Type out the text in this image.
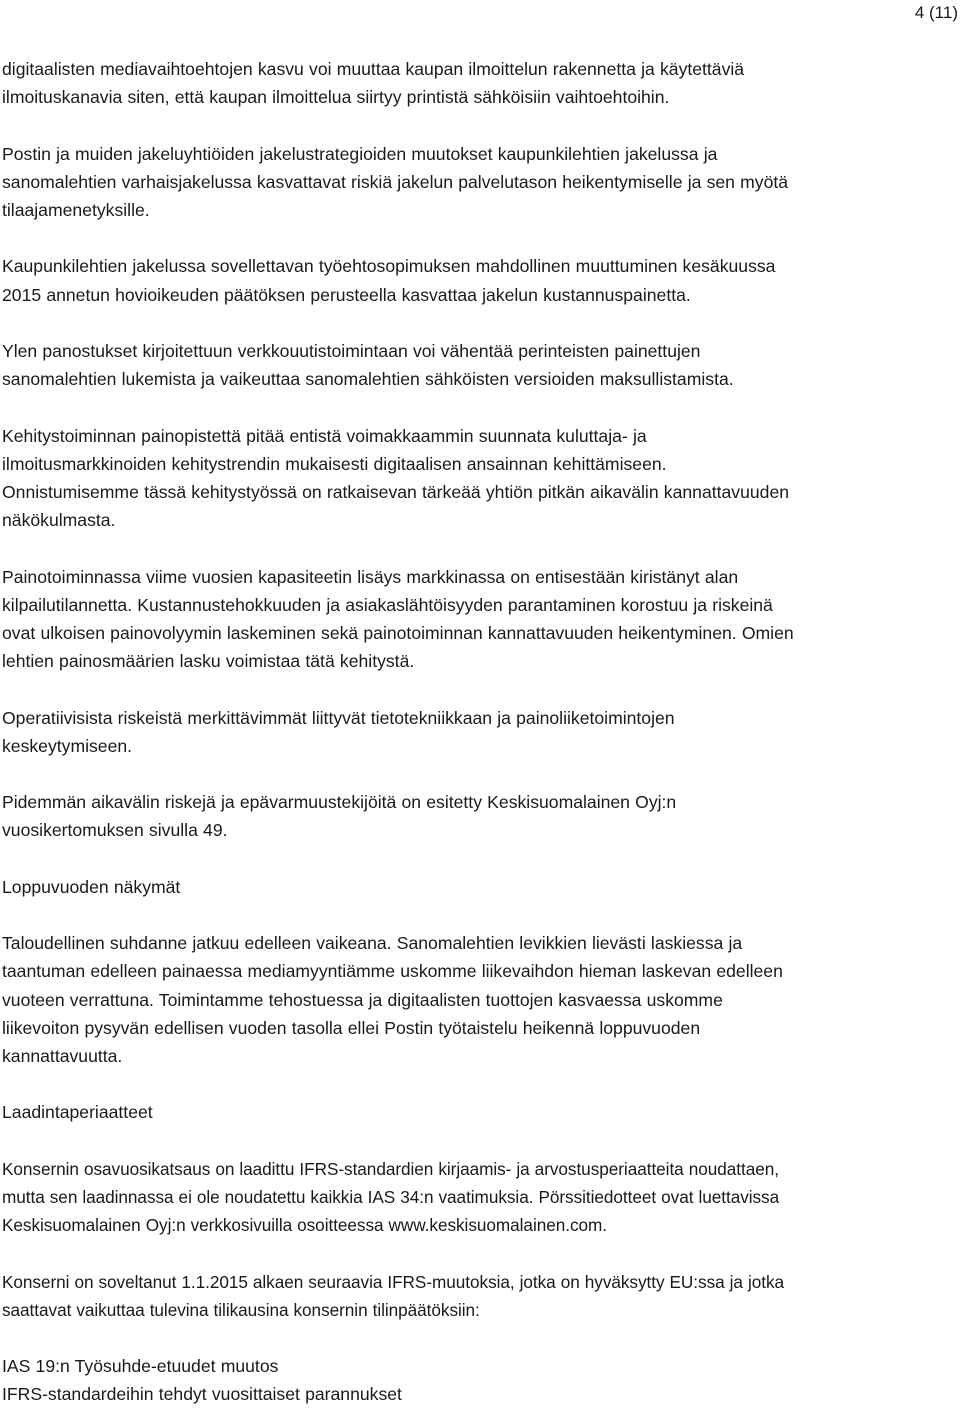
4 (11)

digitaalisten mediavaihtoehtojen kasvu voi muuttaa kaupan ilmoittelun rakennetta ja käytettäviä
ilmoituskanavia siten, että kaupan ilmoittelua siirtyy printistä sähköisiin vaihtoehtoihin.

Postin ja muiden jakeluyhtiöiden jakelustrategioiden muutokset kaupunkilehtien jakelussa ja
sanomalehtien varhaisjakelussa kasvattavat riskiä jakelun palvelutason heikentymiselle ja sen myötä
tilaajamenetyksille.

Kaupunkilehtien jakelussa sovellettavan työehtosopimuksen mahdollinen muuttuminen kesäkuussa
2015 annetun hovioikeuden päätöksen perusteella kasvattaa jakelun kustannuspainetta.

Ylen panostukset kirjoitettuun verkkouutistoimintaan voi vähentää perinteisten painettujen
sanomalehtien lukemista ja vaikeuttaa sanomalehtien sähköisten versioiden maksullistamista.

Kehitystoiminnan painopistettä pitää entistä voimakkaammin suunnata kuluttaja- ja
ilmoitusmarkkinoiden kehitystrendin mukaisesti digitaalisen ansainnan kehittämiseen.
Onnistumisemme tässä kehitystyössä on ratkaisevan tärkeää yhtiön pitkän aikavälin kannattavuuden
näkökulmasta.

Painotoiminnassa viime vuosien kapasiteetin lisäys markkinassa on entisestään kiristänyt alan
kilpailutilannetta. Kustannustehokkuuden ja asiakaslähtöisyyden parantaminen korostuu ja riskeinä
ovat ulkoisen painovolyymin laskeminen sekä painotoiminnan kannattavuuden heikentyminen. Omien
lehtien painosmäärien lasku voimistaa tätä kehitystä.

Operatiivisista riskeistä merkittävimmät liittyvät tietotekniikkaan ja painoliiketoimintojen
keskeytymiseen.

Pidemmän aikavälin riskejä ja epävarmuustekijöitä on esitetty Keskisuomalainen Oyj:n
vuosikertomuksen sivulla 49.

Loppuvuoden näkymät

Taloudellinen suhdanne jatkuu edelleen vaikeana. Sanomalehtien levikkien lievästi laskiessa ja
taantuman edelleen painaessa mediamyyntiämme uskomme liikevaihdon hieman laskevan edelleen
vuoteen verrattuna. Toimintamme tehostuessa ja digitaalisten tuottojen kasvaessa uskomme
liikevoiton pysyvän edellisen vuoden tasolla ellei Postin työtaistelu heikennä loppuvuoden
kannattavuutta.

Laadintaperiaatteet

Konsernin osavuosikatsaus on laadittu IFRS-standardien kirjaamis- ja arvostusperiaatteita noudattaen,
mutta sen laadinnassa ei ole noudatettu kaikkia IAS 34:n vaatimuksia. Pörssitiedotteet ovat luettavissa
Keskisuomalainen Oyj:n verkkosivuilla osoitteessa www.keskisuomalainen.com.

Konserni on soveltanut 1.1.2015 alkaen seuraavia IFRS-muutoksia, jotka on hyväksytty EU:ssa ja jotka
saattavat vaikuttaa tulevina tilikausina konsernin tilinpäätöksiin:

IAS 19:n Työsuhde-etuudet muutos
IFRS-standardeihin tehdyt vuosittaiset parannukset
